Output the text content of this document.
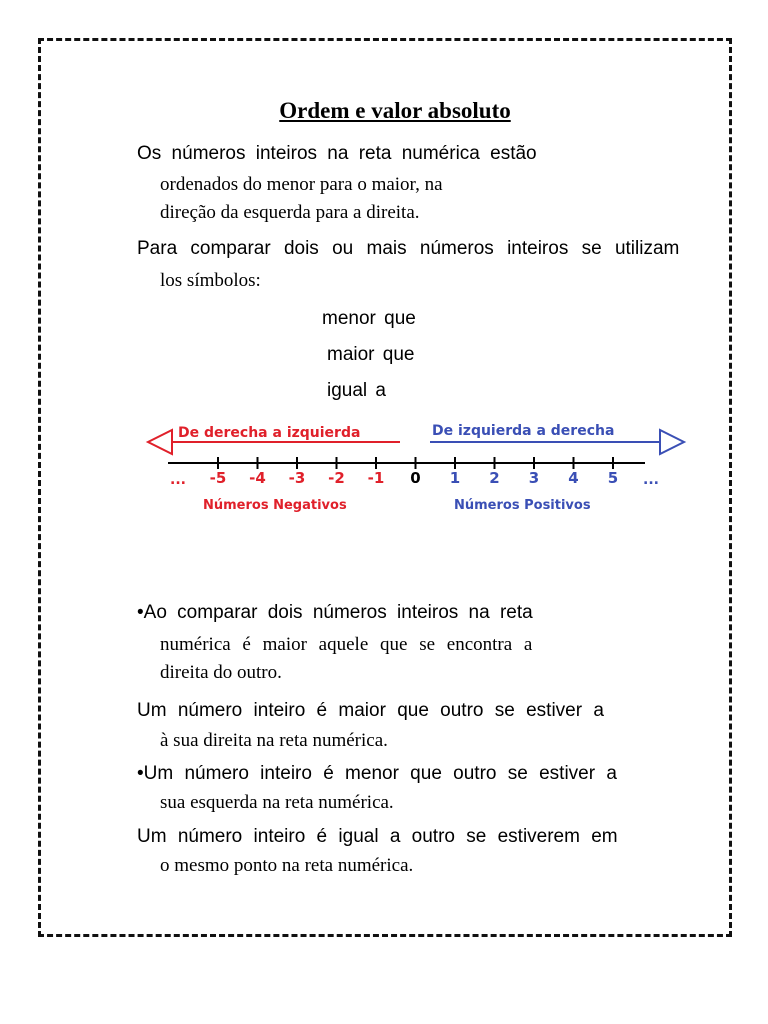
Ordem e valor absoluto
Os números inteiros na reta numérica estão
ordenados do menor para o maior, na
direção da esquerda para a direita.
Para comparar dois ou mais números inteiros se utilizam
los símbolos:
menor que
maior que
igual a
De derecha a izquierda	De izquierda a derecha
-5 -4 -3 -2 -1 0 1 2 3 4 5
...	...
Números Negativos	Números Positivos
•Ao comparar dois números inteiros na reta
numérica é maior aquele que se encontra a
direita do outro.
Um número inteiro é maior que outro se estiver a
à sua direita na reta numérica.
•Um número inteiro é menor que outro se estiver a
sua esquerda na reta numérica.
Um número inteiro é igual a outro se estiverem em
o mesmo ponto na reta numérica.
